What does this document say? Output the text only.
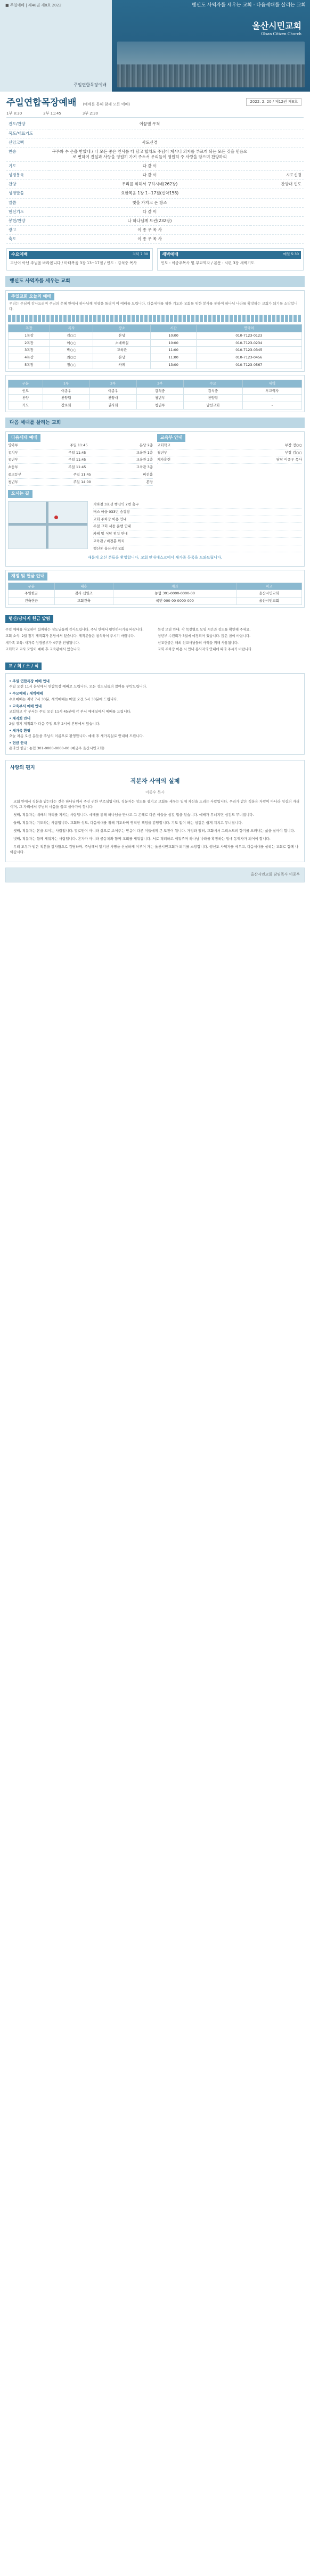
■ 주일예배 | 제48권 제8호 2022
주일연합목장예배
행신도 사역자를 세우는 교회 · 다음세대를 살리는 교회
올산시민교회
Olsan Citizen Church
2022. 2. 20 / 제12권 제8호
주일연합목장예배 (예배를 통해 함께 모든 예배)
1부 8:30	2부 11:45	3부 2:30
전도/찬양	이끔엔 무척	
묵도/대표기도		
신앙고백	사도신경	
찬송	구주와 수 은을 받았네 / 너 모든 좋은 인사를 다 담고 합쳐도 주님이 계시니 의지를 부르게 되는 모든 것을 믿음으로 변하여 진실과 사랑을 영원히 가져 주소서 우리들이 영원히 주 사랑을 담으며 찬양하리	
기도	다 같 이	
성경봉독	다 같 이	시도신경
찬양	우리를 위해서 구하시네(262장)	찬양대 인도
성경말씀	요한복음 1장 1~17절(신약158)	
말씀	빛을 가지고 온 창조	
헌신기도	다 같 이	
봉헌/찬양	나 하나님께 드린(232장)	
광고	이 종 우 목 사	
축도	이 종 우 목 사	
수요예배	저녁 7:30
고난이 아닌 주님을 바라봅니다 / 마태복음 3장 13~17절 / 인도 : 김석중 목사
새벽예배	매일 5:30
인도 : 이종우목사 및 부교역자 / 본문 : 시편 3장 새벽기도
행신도 사역자를 세우는 교회
주일교회 오늘의 예배
우리는 주님께 감사드리며 주님의 은혜 안에서 하나님께 영광을 돌리며 이 예배를 드립니다. 다음세대를 위한 기도와 교회를 위한 봉사를 통하여 하나님 나라를 확장하는 교회가 되기를 소망합니다.
목장	목자	장소	시간	연락처
1목장	김○○	본당	10:00	010-7123-0123
2목장	이○○	소예배실	10:00	010-7123-0234
3목장	박○○	교육관	11:00	010-7123-0345
4목장	최○○	본당	11:00	010-7123-0456
5목장	정○○	카페	13:00	010-7123-0567
구분	1부	2부	3부	수요	새벽
인도	이종우	이종우	김석중	김석중	부교역자
찬양	찬양팀	찬양대	청년부	찬양팀	-
기도	장로회	권사회	청년부	남선교회	-
다음 세대를 살리는 교회
다음세대 예배
영아부	주일 11:45	본당 2층
유치부	주일 11:45	교육관 1층
유년부	주일 11:45	교육관 2층
초등부	주일 11:45	교육관 3층
중고등부	주일 11:45	비전홀
청년부	주일 14:00	본당
교육부 안내
교회학교	부장 정○○
청년부	부장 김○○
제자훈련	담당 이종우 목사
오시는 길
지하철 3호선 행신역 2번 출구
버스 마을 033번 승강장
교회 주차장 이용 안내
주일 교회 셔틀 운행 안내
카페 및 식당 위치 안내
교육관 / 비전홀 위치
행신동 올산시민교회
새롭게 오신 분들을 환영합니다. 교회 안내데스크에서 새가족 등록을 도와드립니다.
재정 및 헌금 안내
구분	내용	계좌	비고
주일헌금	감사·십일조	농협 301-0000-0000-00	올산시민교회
건축헌금	교회건축	국민 000-00-0000-000	올산시민교회
행신/당사지 헌금 알림

주일 예배를 사모하며 함께하는 성도님들께 감사드립니다. 주님 안에서 평안하시기를 바랍니다.

교회 소식: 2월 정기 제직회가 본당에서 있습니다. 제직분들은 참석하여 주시기 바랍니다.

새가족 교육: 새가족 성경공부가 4주간 진행됩니다.

교회학교 교사 모임이 예배 후 교육관에서 있습니다.

목장 모임 안내: 각 목장별로 모임 시간과 장소를 확인해 주세요.

청년부 수련회가 3월에 예정되어 있습니다. 많은 참여 바랍니다.

선교헌금은 해외 선교사님들의 사역을 위해 사용됩니다.

교회 주차장 이용 시 안내 봉사자의 안내에 따라 주시기 바랍니다.

교 / 회 / 소 / 식
• 주일 연합목장 예배 안내
주일 오전 11시 본당에서 연합목장 예배로 드립니다. 모든 성도님들의 참여를 부탁드립니다.
• 수요예배 / 새벽예배
수요예배는 저녁 7시 30분, 새벽예배는 매일 오전 5시 30분에 드립니다.
• 교육부서 예배 안내
교회학교 각 부서는 주일 오전 11시 45분에 각 부서 예배실에서 예배를 드립니다.
• 제직회 안내
2월 정기 제직회가 다음 주일 오후 2시에 본당에서 있습니다.
• 새가족 환영
오늘 처음 오신 분들을 주님의 이름으로 환영합니다. 예배 후 새가족실로 안내해 드립니다.
• 헌금 안내
온라인 헌금: 농협 301-0000-0000-00 (예금주 올산시민교회)
사랑의 편지
직분자 사역의 실제
이종우 목사

교회 안에서 직분을 맡는다는 것은 하나님께서 주신 귀한 부르심입니다. 직분자는 성도를 섬기고 교회를 세우는 일에 자신을 드리는 사람입니다. 우리가 받은 직분은 자랑이 아니라 섬김의 자리이며, 그 자리에서 주님의 마음을 품고 살아가야 합니다.

첫째, 직분자는 예배의 자리를 지키는 사람입니다. 예배를 통해 하나님을 만나고 그 은혜로 다른 이들을 섬길 힘을 얻습니다. 예배가 무너지면 섬김도 무너집니다.

둘째, 직분자는 기도하는 사람입니다. 교회와 성도, 다음세대를 위해 기도하며 영적인 책임을 감당합니다. 기도 없이 하는 섬김은 쉽게 지치고 무너집니다.

셋째, 직분자는 본을 보이는 사람입니다. 말로만이 아니라 삶으로 보여주는 믿음이 다른 이들에게 큰 도전이 됩니다. 가정과 일터, 교회에서 그리스도의 향기를 드러내는 삶을 살아야 합니다.

넷째, 직분자는 함께 세워가는 사람입니다. 혼자가 아니라 공동체와 함께 교회를 세워갑니다. 서로 격려하고 세워주며 하나님 나라를 확장하는 일에 동역자가 되어야 합니다.

우리 모두가 받은 직분을 감사함으로 감당하며, 주님께서 맡기신 사명을 신실하게 이루어 가는 올산시민교회가 되기를 소망합니다. 행신도 사역자를 세우고, 다음세대를 살리는 교회로 함께 나아갑시다.

올산시민교회 담임목사 이종우
